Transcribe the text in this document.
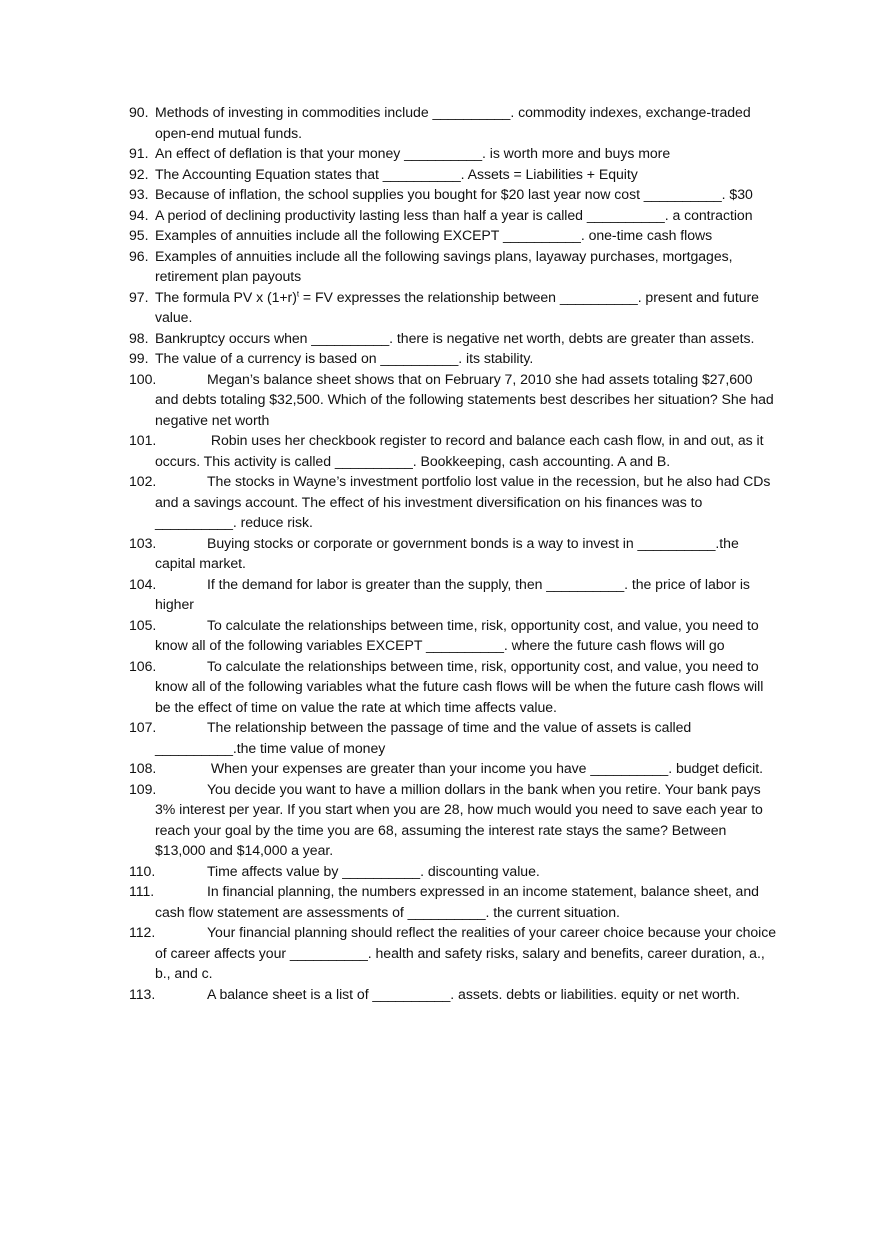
90. Methods of investing in commodities include __________. commodity indexes, exchange-traded open-end mutual funds.
91. An effect of deflation is that your money __________. is worth more and buys more
92. The Accounting Equation states that __________. Assets = Liabilities + Equity
93. Because of inflation, the school supplies you bought for $20 last year now cost __________. $30
94. A period of declining productivity lasting less than half a year is called __________. a contraction
95. Examples of annuities include all the following EXCEPT __________. one-time cash flows
96. Examples of annuities include all the following savings plans, layaway purchases, mortgages, retirement plan payouts
97. The formula PV x $(1+r)^t$ = FV expresses the relationship between __________. present and future value.
98. Bankruptcy occurs when __________. there is negative net worth, debts are greater than assets.
99. The value of a currency is based on __________. its stability.
100.	Megan’s balance sheet shows that on February 7, 2010 she had assets totaling $27,600 and debts totaling $32,500. Which of the following statements best describes her situation? She had negative net worth
101.	Robin uses her checkbook register to record and balance each cash flow, in and out, as it occurs. This activity is called __________. Bookkeeping, cash accounting. A and B.
102.	The stocks in Wayne’s investment portfolio lost value in the recession, but he also had CDs and a savings account. The effect of his investment diversification on his finances was to __________. reduce risk.
103.	Buying stocks or corporate or government bonds is a way to invest in __________.the capital market.
104.	If the demand for labor is greater than the supply, then __________. the price of labor is higher
105.	To calculate the relationships between time, risk, opportunity cost, and value, you need to know all of the following variables EXCEPT __________. where the future cash flows will go
106.	To calculate the relationships between time, risk, opportunity cost, and value, you need to know all of the following variables what the future cash flows will be when the future cash flows will be the effect of time on value the rate at which time affects value.
107.	The relationship between the passage of time and the value of assets is called __________.the time value of money
108.	When your expenses are greater than your income you have __________. budget deficit.
109.	You decide you want to have a million dollars in the bank when you retire. Your bank pays 3% interest per year. If you start when you are 28, how much would you need to save each year to reach your goal by the time you are 68, assuming the interest rate stays the same? Between $13,000 and $14,000 a year.
110.	Time affects value by __________. discounting value.
111.	In financial planning, the numbers expressed in an income statement, balance sheet, and cash flow statement are assessments of __________. the current situation.
112.	Your financial planning should reflect the realities of your career choice because your choice of career affects your __________. health and safety risks, salary and benefits, career duration, a., b., and c.
113.	A balance sheet is a list of __________. assets. debts or liabilities. equity or net worth.
